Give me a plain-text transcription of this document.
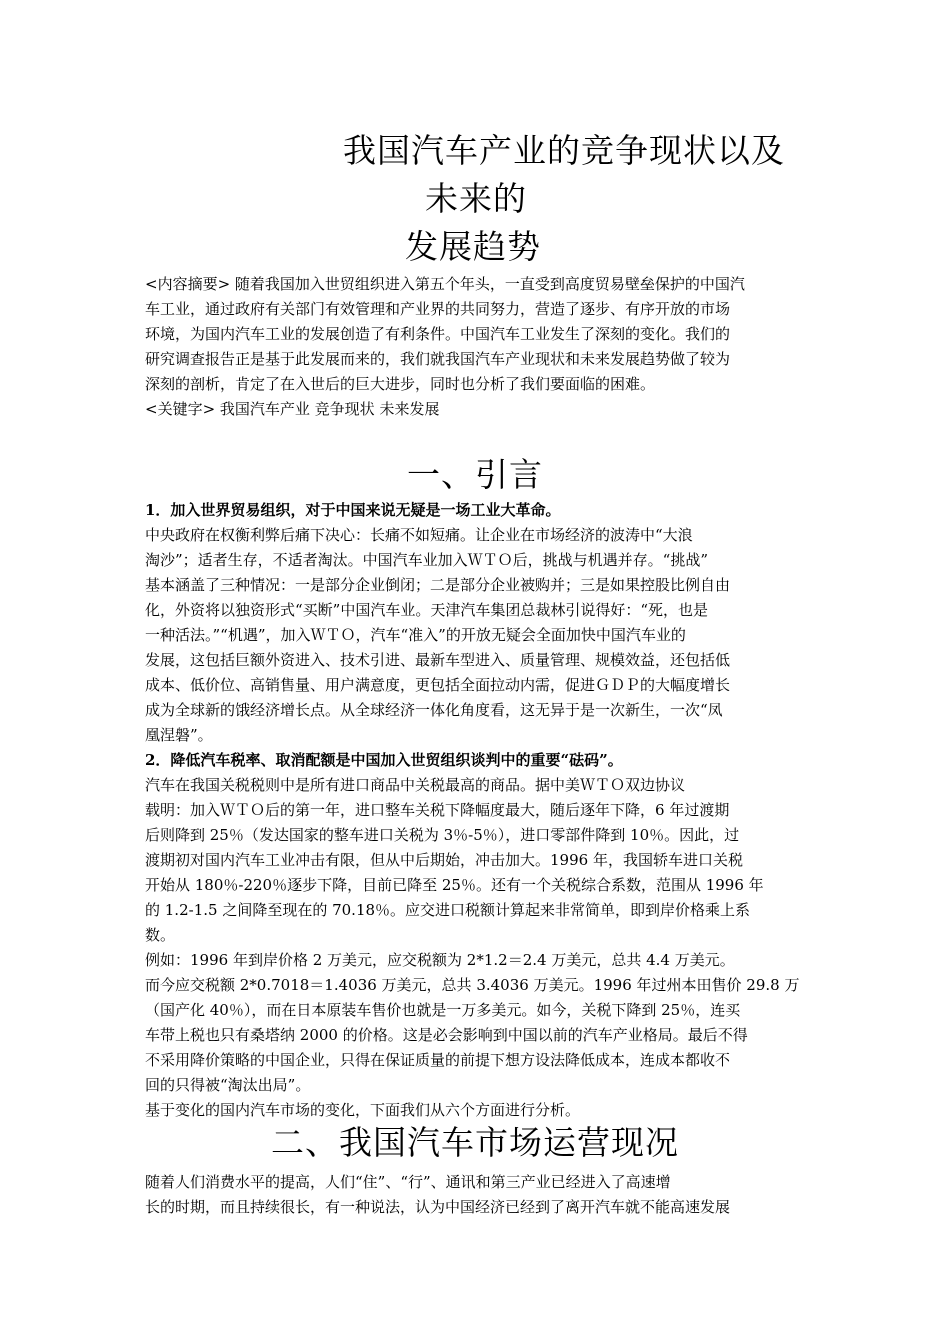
我国汽车产业的竞争现状以及
未来的
发展趋势
<内容摘要> 随着我国加入世贸组织进入第五个年头，一直受到高度贸易壁垒保护的中国汽
车工业，通过政府有关部门有效管理和产业界的共同努力，营造了逐步、有序开放的市场
环境，为国内汽车工业的发展创造了有利条件。中国汽车工业发生了深刻的变化。我们的
研究调查报告正是基于此发展而来的，我们就我国汽车产业现状和未来发展趋势做了较为
深刻的剖析，肯定了在入世后的巨大进步，同时也分析了我们要面临的困难。
<关键字> 我国汽车产业 竞争现状 未来发展
一、引言
1．加入世界贸易组织，对于中国来说无疑是一场工业大革命。
中央政府在权衡利弊后痛下决心：长痛不如短痛。让企业在市场经济的波涛中“大浪
淘沙”；适者生存，不适者淘汰。中国汽车业加入ＷＴＯ后，挑战与机遇并存。“挑战”
基本涵盖了三种情况：一是部分企业倒闭；二是部分企业被购并；三是如果控股比例自由
化，外资将以独资形式“买断”中国汽车业。天津汽车集团总裁林引说得好：“死，也是
一种活法。”“机遇”，加入ＷＴＯ，汽车“准入”的开放无疑会全面加快中国汽车业的
发展，这包括巨额外资进入、技术引进、最新车型进入、质量管理、规模效益，还包括低
成本、低价位、高销售量、用户满意度，更包括全面拉动内需，促进ＧＤＰ的大幅度增长
成为全球新的饿经济增长点。从全球经济一体化角度看，这无异于是一次新生，一次“凤
凰涅磐”。
2．降低汽车税率、取消配额是中国加入世贸组织谈判中的重要“砝码”。
汽车在我国关税税则中是所有进口商品中关税最高的商品。据中美ＷＴＯ双边协议
载明：加入ＷＴＯ后的第一年，进口整车关税下降幅度最大，随后逐年下降，6 年过渡期
后则降到 25％（发达国家的整车进口关税为 3％-5％），进口零部件降到 10％。因此，过
渡期初对国内汽车工业冲击有限，但从中后期始，冲击加大。1996 年，我国轿车进口关税
开始从 180％-220％逐步下降，目前已降至 25％。还有一个关税综合系数，范围从 1996 年
的 1.2-1.5 之间降至现在的 70.18％。应交进口税额计算起来非常简单，即到岸价格乘上系
数。
例如：1996 年到岸价格 2 万美元，应交税额为 2*1.2＝2.4 万美元，总共 4.4 万美元。
而今应交税额 2*0.7018＝1.4036 万美元，总共 3.4036 万美元。1996 年过州本田售价 29.8 万
（国产化 40％），而在日本原装车售价也就是一万多美元。如今，关税下降到 25％，连买
车带上税也只有桑塔纳 2000 的价格。这是必会影响到中国以前的汽车产业格局。最后不得
不采用降价策略的中国企业，只得在保证质量的前提下想方设法降低成本，连成本都收不
回的只得被“淘汰出局”。
基于变化的国内汽车市场的变化，下面我们从六个方面进行分析。
二、我国汽车市场运营现况
随着人们消费水平的提高，人们“住”、“行”、通讯和第三产业已经进入了高速增
长的时期，而且持续很长，有一种说法，认为中国经济已经到了离开汽车就不能高速发展
